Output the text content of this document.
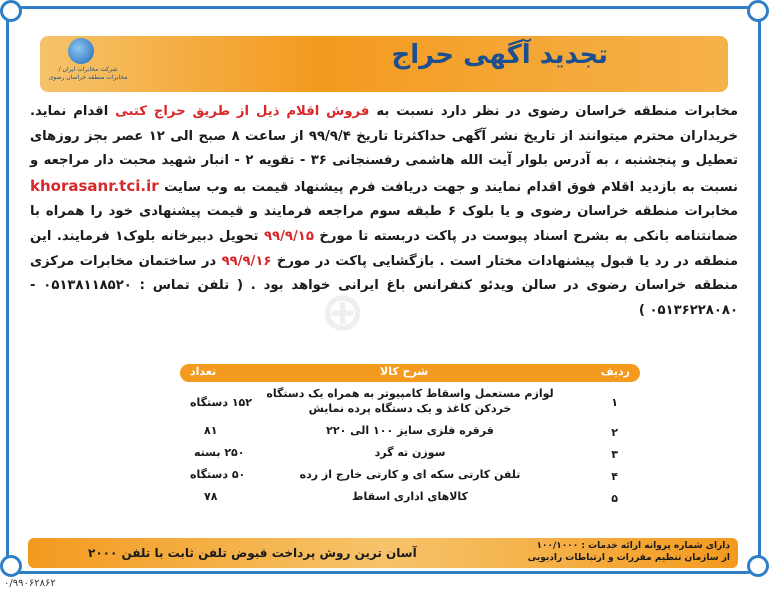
⊕
تجدید آگهی حراج
شرکت مخابرات ایران / مخابرات منطقه خراسان رضوی
مخابرات منطقه خراسان رضوی در نظر دارد نسبت به فروش اقلام ذیل از طریق حراج کتبی اقدام نماید. خریداران محترم میتوانند از تاریخ نشر آگهی حداکثرتا تاریخ ۹۹/۹/۴ از ساعت ۸ صبح الی ۱۲ عصر بجز روزهای تعطیل و پنجشنبه ، به آدرس بلوار آیت الله هاشمی رفسنجانی ۳۶ - تقویه ۲ - انبار شهید محبت دار مراجعه و نسبت به بازدید اقلام فوق اقدام نمایند و جهت دریافت فرم پیشنهاد قیمت به وب سایت khorasanr.tci.ir مخابرات منطقه خراسان رضوی و یا بلوک ۶ طبقه سوم مراجعه فرمایند و قیمت پیشنهادی خود را همراه با ضمانتنامه بانکی به بشرح اسناد پیوست در پاکت دربسته تا مورخ ۹۹/۹/۱۵ تحویل دبیرخانه بلوک۱ فرمایند. این منطقه در رد یا قبول پیشنهادات مختار است . بازگشایی پاکت در مورخ ۹۹/۹/۱۶ در ساختمان مخابرات مرکزی منطقه خراسان رضوی در سالن ویدئو کنفرانس باغ ایرانی خواهد بود . ( تلفن تماس : ۰۵۱۳۸۱۱۸۵۲۰ - ۰۵۱۳۶۲۲۸۰۸۰ )
ردیف
شرح کالا
تعداد
۱
لوازم مستعمل واسقاط کامپیوتر به همراه یک دستگاه خردکن کاغذ و یک دستگاه پرده نمایش
۱۵۲ دستگاه
۲
قرقره فلزی سایز ۱۰۰ الی ۲۲۰
۸۱
۳
سوزن ته گرد
۲۵۰ بسته
۴
تلفن کارتی سکه ای و کارتی خارج از رده
۵۰ دستگاه
۵
کالاهای اداری اسقاط
۷۸
دارای شماره پروانه ارائه خدمات : ۱۰۰/۱۰۰۰
از سازمان تنظیم مقررات و ارتباطات رادیویی
آسان ترین روش پرداخت قبوض تلفن ثابت با تلفن ۲۰۰۰
۰/۹۹۰۶۲۸۶۲
